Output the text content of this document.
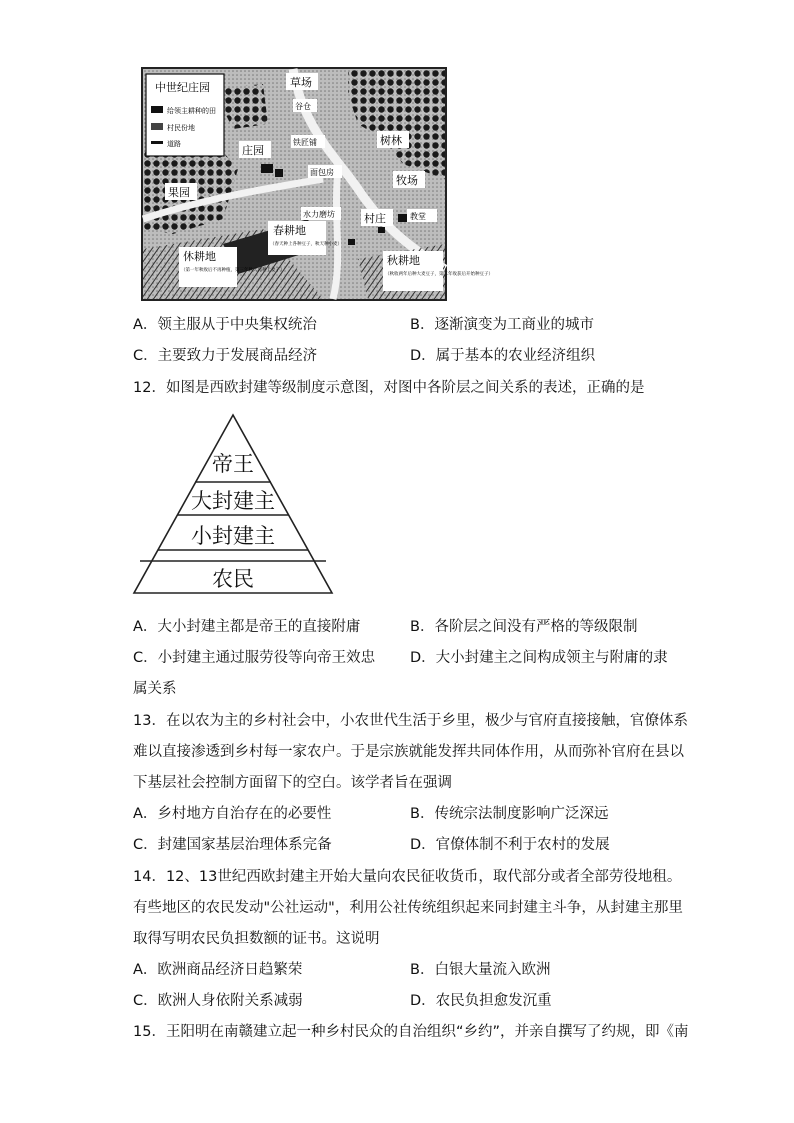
中世纪庄园
给领主耕种的田
村民份地
道路
草场
谷仓
铁匠铺
庄园
面包房
树林
果园
牧场
水力磨坊
春耕地
（春天种上各种豆子，秋天种小麦）
村庄	教堂
休耕地
（第一年秋收后不再种植，第三年秋天再种上麦子）
秋耕地
（秋收两年后种大麦豆子，第二年收获后开始种豆子）
A．领主服从于中央集权统治	B．逐渐演变为工商业的城市
C．主要致力于发展商品经济	D．属于基本的农业经济组织
12．如图是西欧封建等级制度示意图，对图中各阶层之间关系的表述，正确的是
帝王
大封建主
小封建主
农民
A．大小封建主都是帝王的直接附庸	B．各阶层之间没有严格的等级限制
C．小封建主通过服劳役等向帝王效忠 D．大小封建主之间构成领主与附庸的隶
属关系
13．在以农为主的乡村社会中，小农世代生活于乡里，极少与官府直接接触，官僚体系
难以直接渗透到乡村每一家农户。于是宗族就能发挥共同体作用，从而弥补官府在县以
下基层社会控制方面留下的空白。该学者旨在强调
A．乡村地方自治存在的必要性	B．传统宗法制度影响广泛深远
C．封建国家基层治理体系完备	D．官僚体制不利于农村的发展
14．12、13世纪西欧封建主开始大量向农民征收货币，取代部分或者全部劳役地租。
有些地区的农民发动"公社运动"，利用公社传统组织起来同封建主斗争，从封建主那里
取得写明农民负担数额的证书。这说明
A．欧洲商品经济日趋繁荣	B．白银大量流入欧洲
C．欧洲人身依附关系减弱	D．农民负担愈发沉重
15．王阳明在南赣建立起一种乡村民众的自治组织“乡约”，并亲自撰写了约规，即《南
